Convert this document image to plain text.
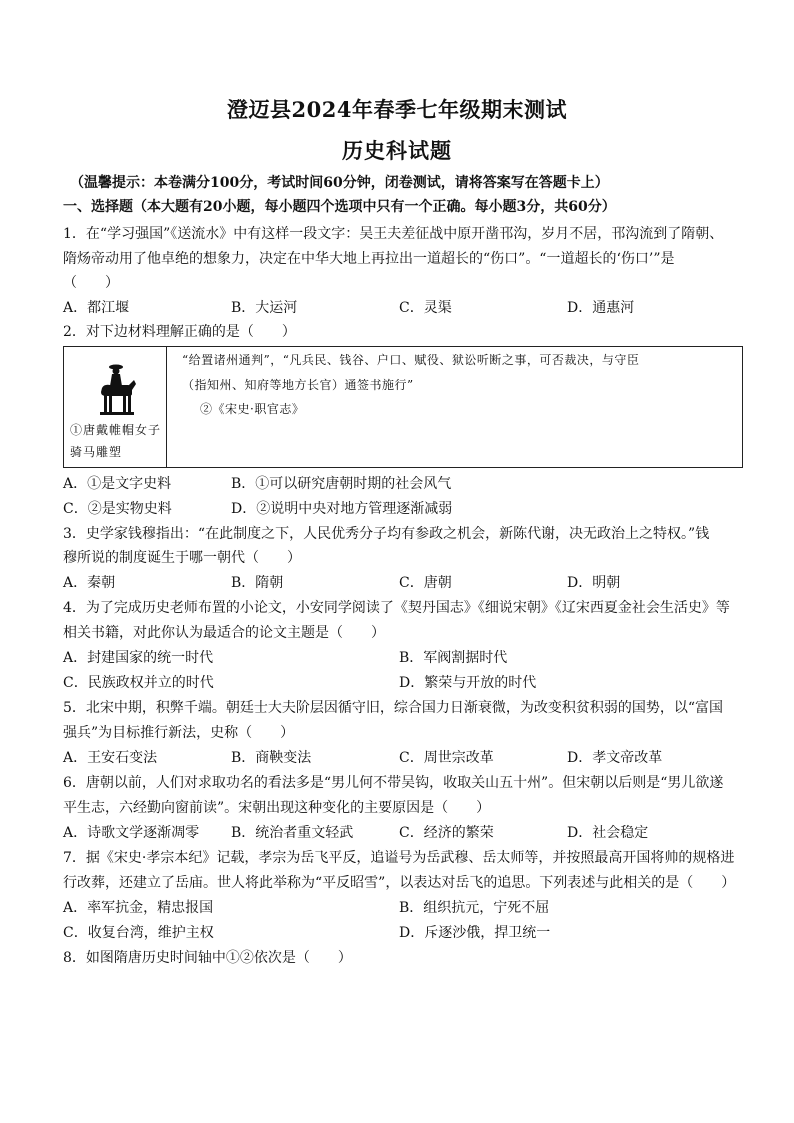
澄迈县2024年春季七年级期末测试
历史科试题
（温馨提示：本卷满分100分，考试时间60分钟，闭卷测试，请将答案写在答题卡上）
一、选择题（本大题有20小题，每小题四个选项中只有一个正确。每小题3分，共60分）
1．在“学习强国”《送流水》中有这样一段文字：吴王夫差征战中原开凿邗沟，岁月不居，邗沟流到了隋朝、
隋炀帝动用了他卓绝的想象力，决定在中华大地上再拉出一道超长的“伤口”。“一道超长的‘伤口’”是
（　　）
A．都江堰	B．大运河	C．灵渠	D．通惠河
2．对下边材料理解正确的是（　　）
①唐戴帷帽女子骑马雕塑
“给置诸州通判”，“凡兵民、钱谷、户口、赋役、狱讼听断之事，可否裁决，与守臣
（指知州、知府等地方长官）通签书施行”
②《宋史·职官志》
A．①是文字史料	B．①可以研究唐朝时期的社会风气
C．②是实物史料	D．②说明中央对地方管理逐渐减弱
3．史学家钱穆指出：“在此制度之下，人民优秀分子均有参政之机会，新陈代谢，决无政治上之特权。”钱
穆所说的制度诞生于哪一朝代（　　）
A．秦朝	B．隋朝	C．唐朝	D．明朝
4．为了完成历史老师布置的小论文，小安同学阅读了《契丹国志》《细说宋朝》《辽宋西夏金社会生活史》等
相关书籍，对此你认为最适合的论文主题是（　　）
A．封建国家的统一时代	B．军阀割据时代
C．民族政权并立的时代	D．繁荣与开放的时代
5．北宋中期，积弊千端。朝廷士大夫阶层因循守旧，综合国力日渐衰微，为改变积贫积弱的国势，以“富国
强兵”为目标推行新法，史称（　　）
A．王安石变法	B．商鞅变法	C．周世宗改革	D．孝文帝改革
6．唐朝以前，人们对求取功名的看法多是“男儿何不带吴钩，收取关山五十州”。但宋朝以后则是“男儿欲遂
平生志，六经勤向窗前读”。宋朝出现这种变化的主要原因是（　　）
A．诗歌文学逐渐凋零 B．统治者重文轻武	C．经济的繁荣	D．社会稳定
7．据《宋史·孝宗本纪》记载，孝宗为岳飞平反，追谥号为岳武穆、岳太师等，并按照最高开国将帅的规格进
行改葬，还建立了岳庙。世人将此举称为“平反昭雪”，以表达对岳飞的追思。下列表述与此相关的是（　　）
A．率军抗金，精忠报国	B．组织抗元，宁死不屈
C．收复台湾，维护主权	D．斥逐沙俄，捍卫统一
8．如图隋唐历史时间轴中①②依次是（　　）
